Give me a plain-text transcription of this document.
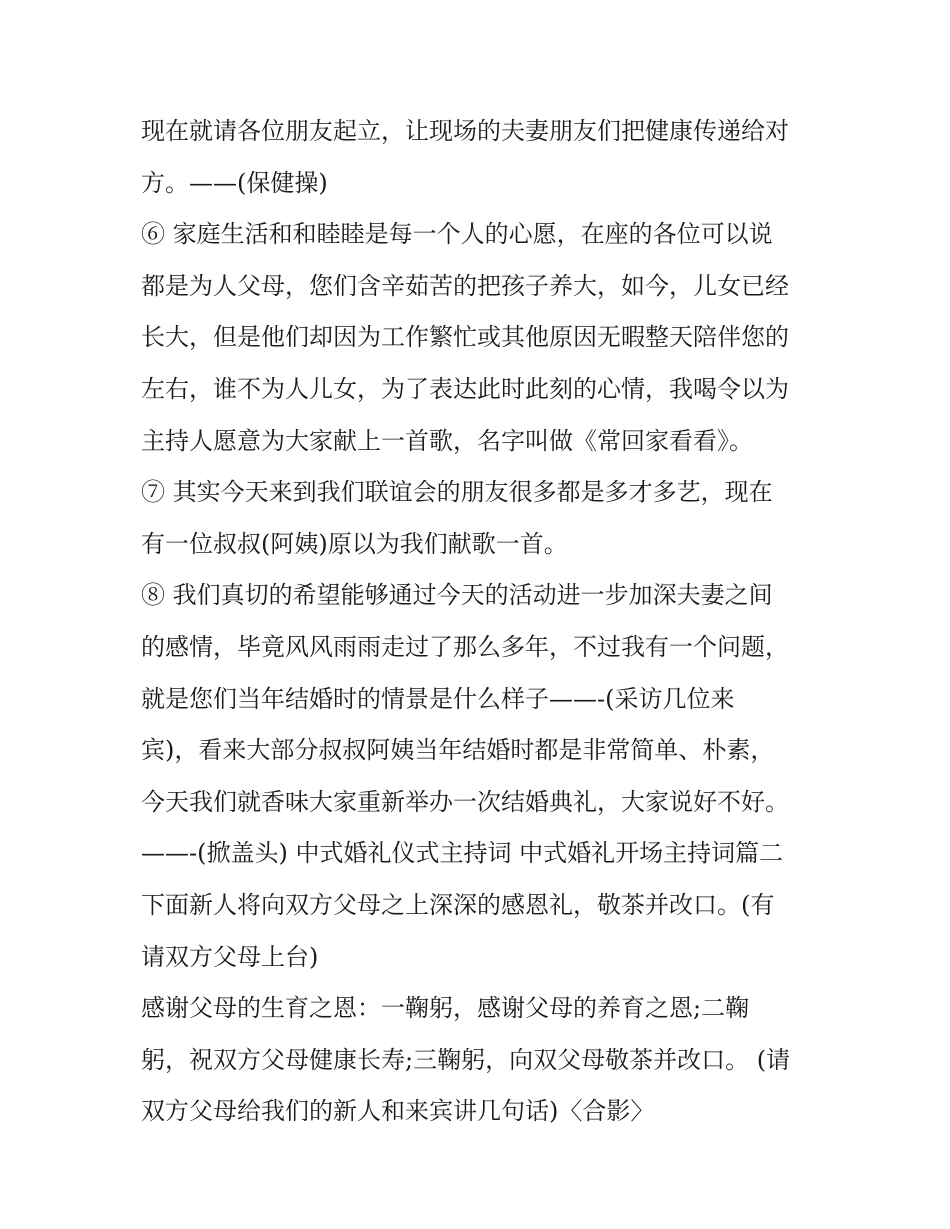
现在就请各位朋友起立，让现场的夫妻朋友们把健康传递给对
方。——(保健操)
⑥ 家庭生活和和睦睦是每一个人的心愿，在座的各位可以说
都是为人父母，您们含辛茹苦的把孩子养大，如今，儿女已经
长大，但是他们却因为工作繁忙或其他原因无暇整天陪伴您的
左右，谁不为人儿女，为了表达此时此刻的心情，我喝令以为
主持人愿意为大家献上一首歌，名字叫做《常回家看看》。
⑦ 其实今天来到我们联谊会的朋友很多都是多才多艺，现在
有一位叔叔(阿姨)原以为我们献歌一首。
⑧ 我们真切的希望能够通过今天的活动进一步加深夫妻之间
的感情，毕竟风风雨雨走过了那么多年，不过我有一个问题，
就是您们当年结婚时的情景是什么样子——-(采访几位来
宾)，看来大部分叔叔阿姨当年结婚时都是非常简单、朴素，
今天我们就香味大家重新举办一次结婚典礼，大家说好不好。
——-(掀盖头) 中式婚礼仪式主持词 中式婚礼开场主持词篇二
下面新人将向双方父母之上深深的感恩礼，敬茶并改口。(有
请双方父母上台)
感谢父母的生育之恩：一鞠躬，感谢父母的养育之恩;二鞠
躬，祝双方父母健康长寿;三鞠躬，向双父母敬茶并改口。 (请
双方父母给我们的新人和来宾讲几句话)〈合影〉
